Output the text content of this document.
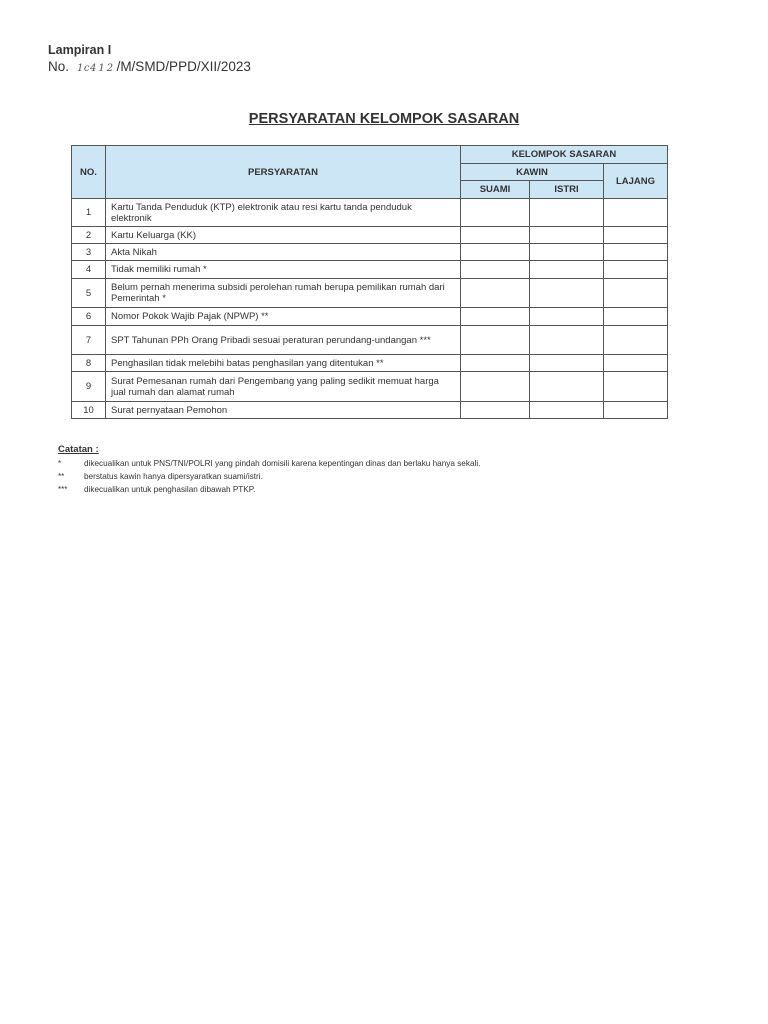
Lampiran I
No. 1c4 1 2 /M/SMD/PPD/XII/2023
PERSYARATAN KELOMPOK SASARAN
NO.	PERSYARATAN	KELOMPOK SASARAN		
		KAWIN		LAJANG
		SUAMI	ISTRI	
1	Kartu Tanda Penduduk (KTP) elektronik atau resi kartu tanda penduduk elektronik			
2	Kartu Keluarga (KK)			
3	Akta Nikah			
4	Tidak memiliki rumah *			
5	Belum pernah menerima subsidi perolehan rumah berupa pemilikan rumah dari Pemerintah *			
6	Nomor Pokok Wajib Pajak (NPWP) **			
7	SPT Tahunan PPh Orang Pribadi sesuai peraturan perundang-undangan ***			
8	Penghasilan tidak melebihi batas penghasilan yang ditentukan **			
9	Surat Pemesanan rumah dari Pengembang yang paling sedikit memuat harga jual rumah dan alamat rumah			
10	Surat pernyataan Pemohon			
Catatan :
*	dikecualikan untuk PNS/TNI/POLRI yang pindah domisili karena kepentingan dinas dan berlaku hanya sekali.
**	berstatus kawin hanya dipersyaratkan suami/istri.
***	dikecualikan untuk penghasilan dibawah PTKP.
